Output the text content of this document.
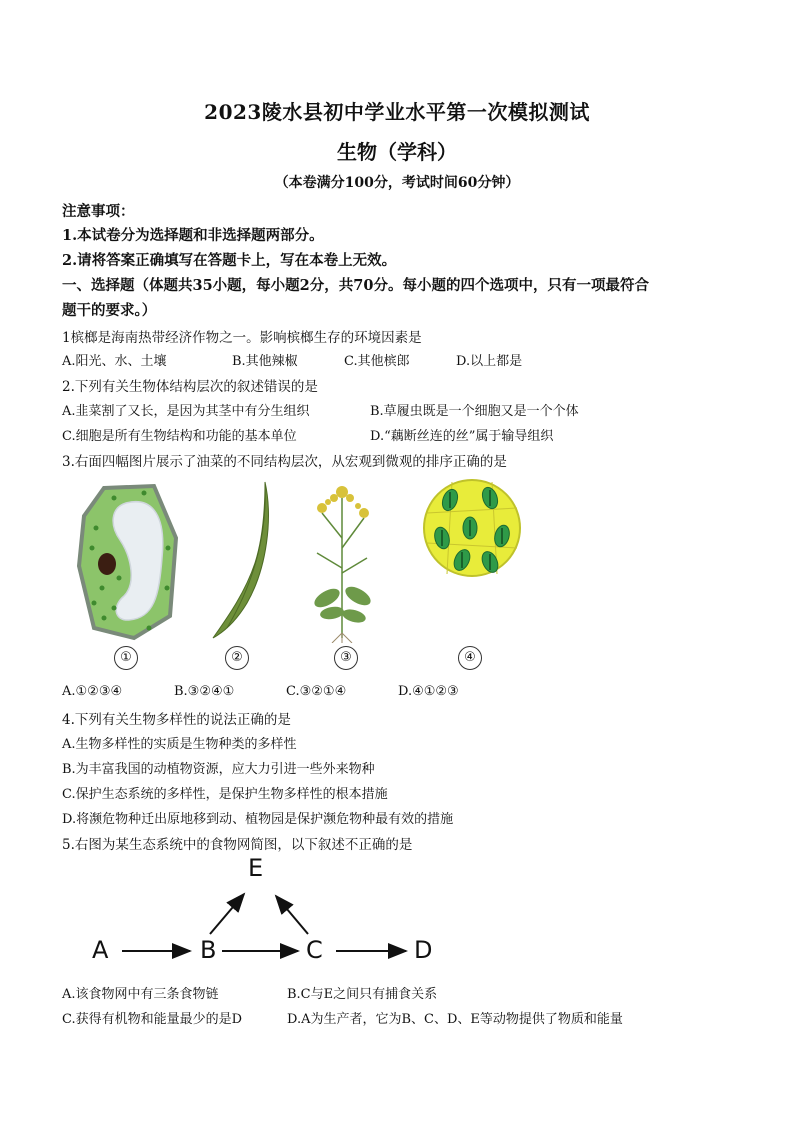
2023陵水县初中学业水平第一次模拟测试
生物（学科）
（本卷满分100分，考试时间60分钟）
注意事项：
1.本试卷分为选择题和非选择题两部分。
2.请将答案正确填写在答题卡上，写在本卷上无效。
一、选择题（体题共35小题，每小题2分，共70分。每小题的四个选项中，只有一项最符合
题干的要求。）
1槟榔是海南热带经济作物之一。影响槟榔生存的环境因素是
A.阳光、水、土壤	B.其他辣椒	C.其他槟郎	D.以上都是
2.下列有关生物体结构层次的叙述错误的是
A.韭菜割了又长，是因为其茎中有分生组织	B.草履虫既是一个细胞又是一个个体
C.细胞是所有生物结构和功能的基本单位	D.“藕断丝连的丝”属于输导组织
3.右面四幅图片展示了油菜的不同结构层次，从宏观到微观的排序正确的是
①	②	③	④
A.①②③④	B.③②④①	C.③②①④	D.④①②③
4.下列有关生物多样性的说法正确的是
A.生物多样性的实质是生物种类的多样性
B.为丰富我国的动植物资源，应大力引进一些外来物种
C.保护生态系统的多样性，是保护生物多样性的根本措施
D.将濒危物种迁出原地移到动、植物园是保护濒危物种最有效的措施
5.右图为某生态系统中的食物网简图，以下叙述不正确的是
A	B	C	D
E
A.该食物网中有三条食物链	B.C与E之间只有捕食关系
C.获得有机物和能量最少的是D	D.A为生产者，它为B、C、D、E等动物提供了物质和能量
